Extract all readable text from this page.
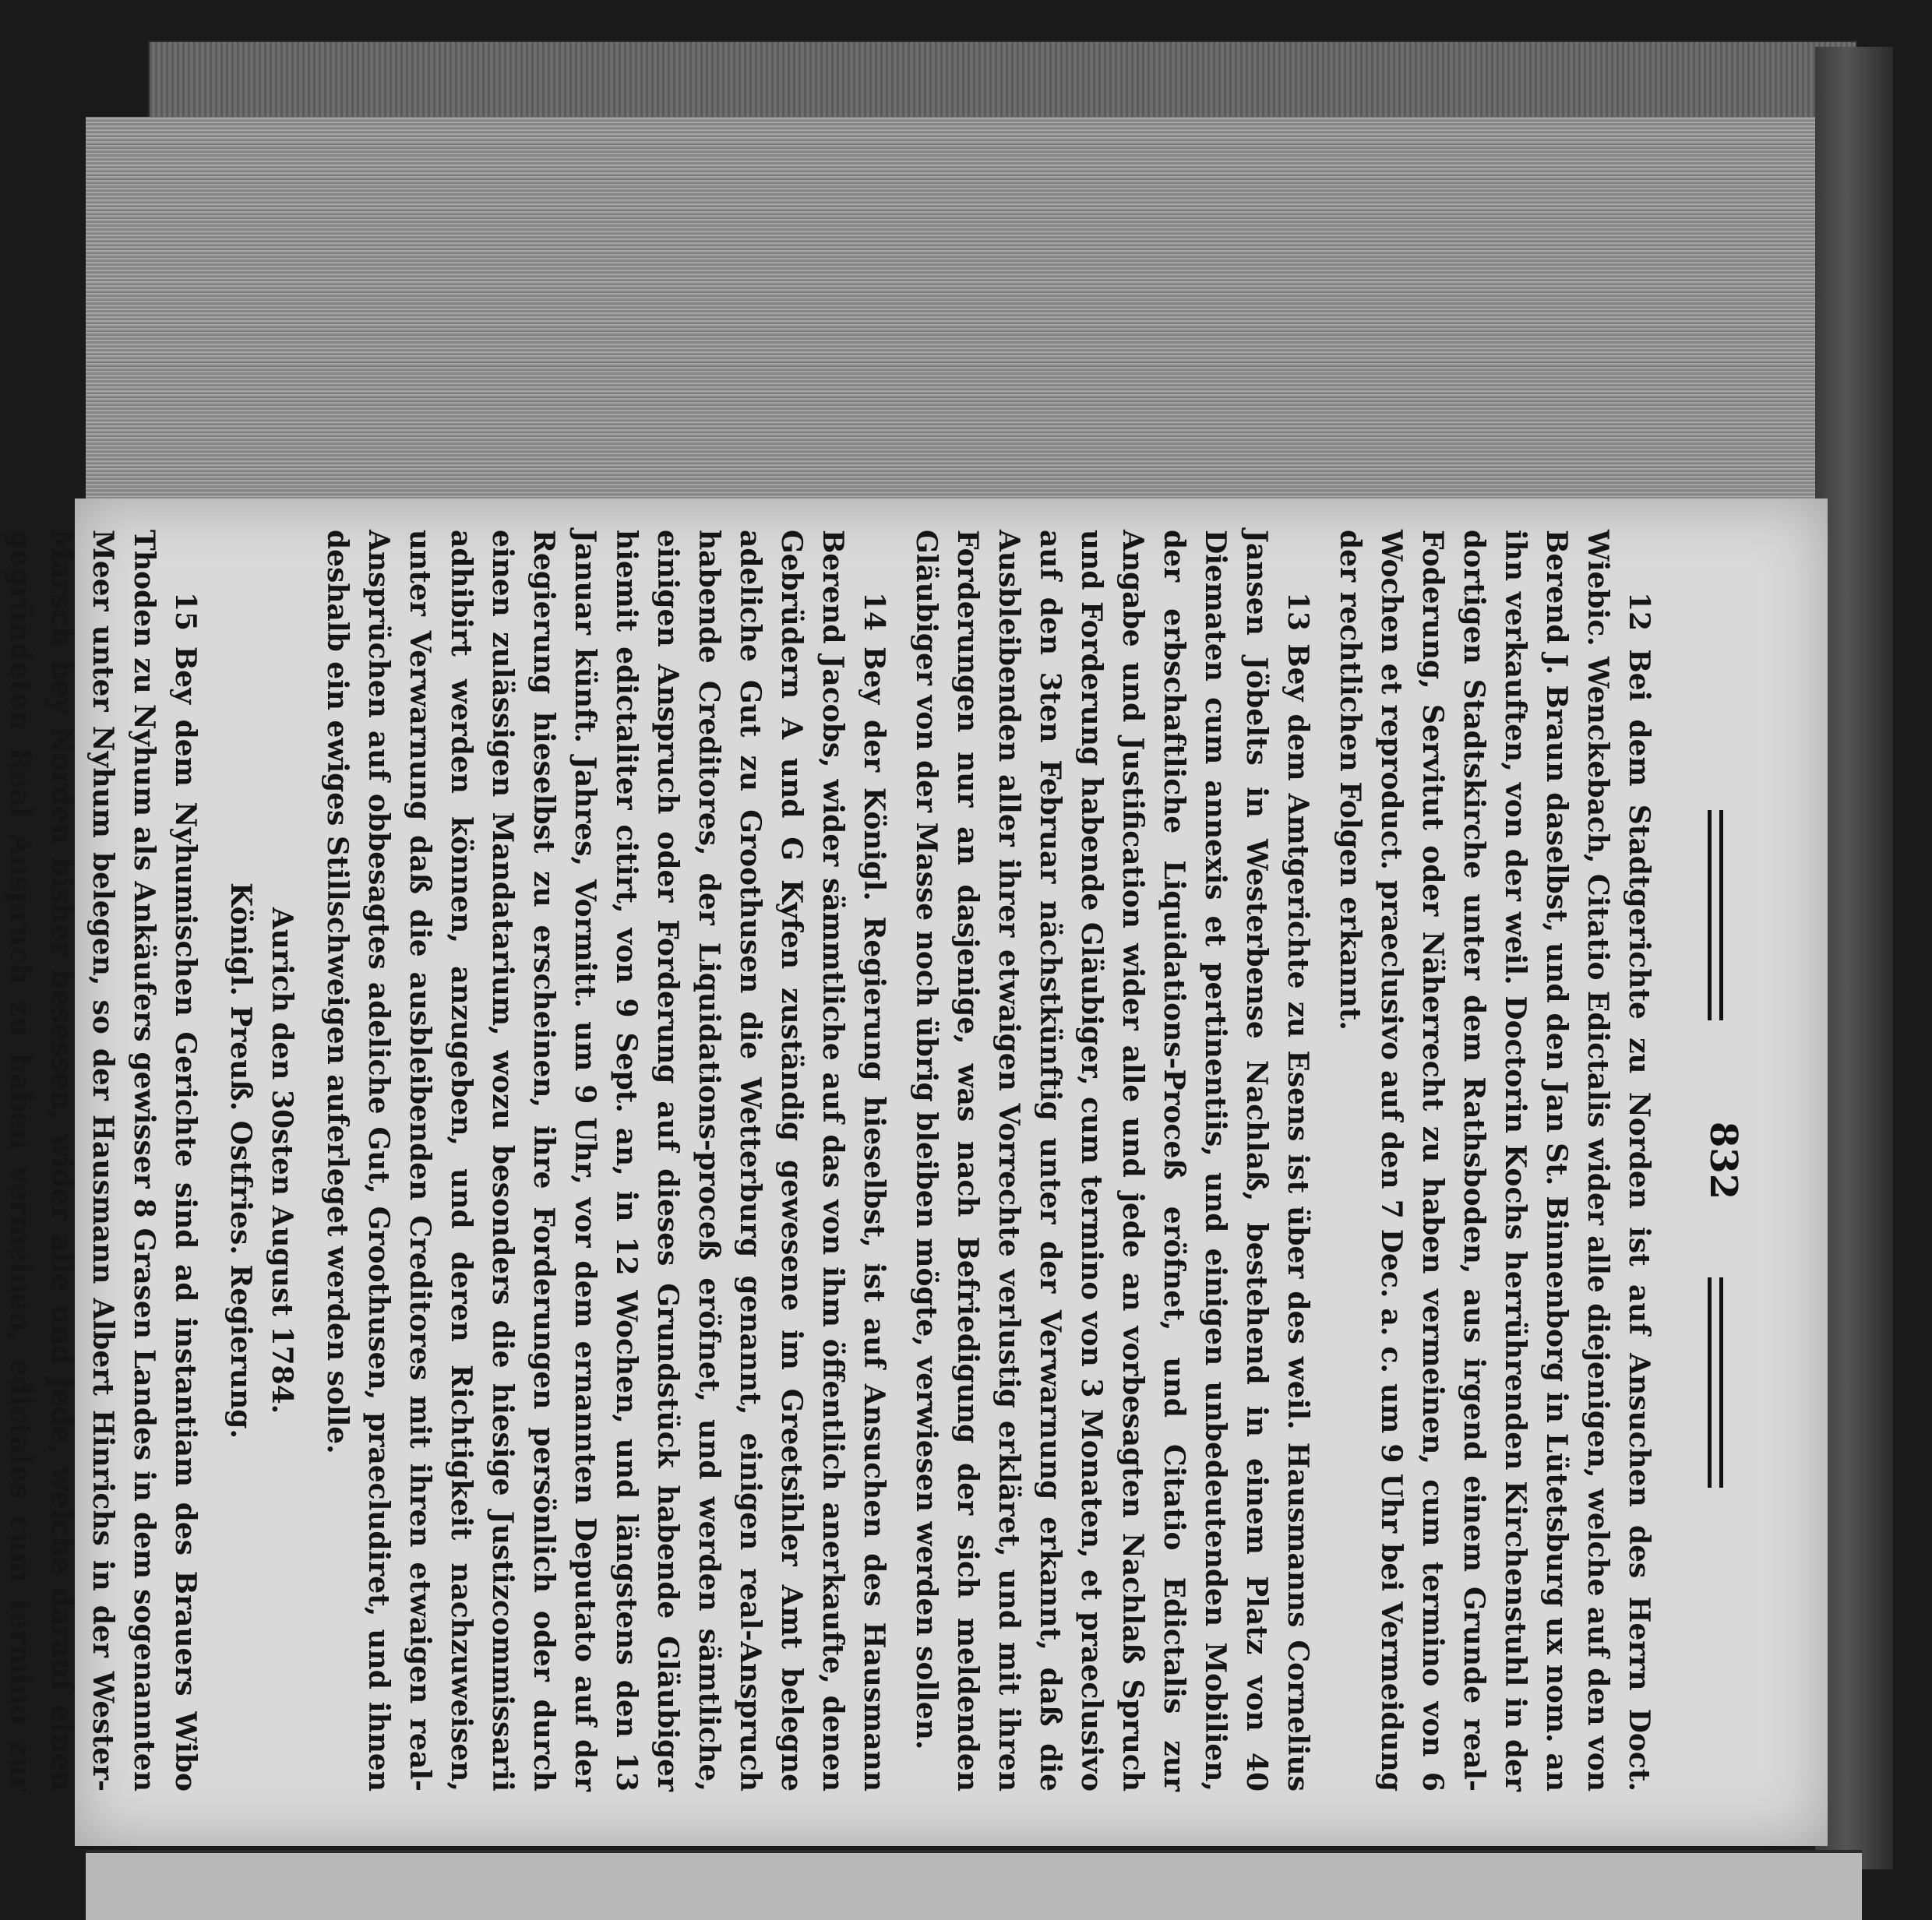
832

12 Bei dem Stadtgerichte zu Norden ist auf Ansuchen des Herrn Doct. Wiebic. Wenckebach, Citatio Edictalis wider alle diejenigen, welche auf den von Berend J. Braun daselbst, und den Jan St. Binnenborg in Lütetsburg ux nom. an ihn verkauften, von der weil. Doctorin Kochs herrührenden Kirchenstuhl in der dortigen Stadtskirche unter dem Rathsboden, aus irgend einem Grunde real-Foderung, Servitut oder Näherrecht zu haben vermeinen, cum termino von 6 Wochen et reproduct. praeclusivo auf den 7 Dec. a. c. um 9 Uhr bei Vermeidung der rechtlichen Folgen erkannt.

13 Bey dem Amtgerichte zu Esens ist über des weil. Hausmanns Cornelius Jansen Jöbelts in Westerbense Nachlaß, bestehend in einem Platz von 40 Diematen cum annexis et pertinentiis, und einigen unbedeutenden Mobilien, der erbschaftliche Liquidations-Proceß eröfnet, und Citatio Edictalis zur Angabe und Justification wider alle und jede an vorbesagten Nachlaß Spruch und Forderung habende Gläubiger, cum termino von 3 Monaten, et praeclusivo auf den 3ten Februar nächstkünftig unter der Verwarnung erkannt, daß die Ausbleibenden aller ihrer etwaigen Vorrechte verlustig erkläret, und mit ihren Forderungen nur an dasjenige, was nach Befriedigung der sich meldenden Gläubiger von der Masse noch übrig bleiben mögte, verwiesen werden sollen.

14 Bey der Königl. Regierung hieselbst, ist auf Ansuchen des Hausmann Berend Jacobs, wider sämmtliche auf das von ihm öffentlich anerkaufte, denen Gebrüdern A und G Kyfen zuständig gewesene im Greetsihler Amt belegne adeliche Gut zu Groothusen die Wetterburg genannt, einigen real-Anspruch habende Creditores, der Liquidations-proceß eröfnet, und werden sämtliche, einigen Anspruch oder Forderung auf dieses Grundstück habende Gläubiger hiemit edictaliter citirt, von 9 Sept. an, in 12 Wochen, und längstens den 13 Januar künft. Jahres, Vormitt. um 9 Uhr, vor dem ernannten Deputato auf der Regierung hieselbst zu erscheinen, ihre Forderungen persönlich oder durch einen zulässigen Mandatarium, wozu besonders die hiesige Justizcommissarii adhibirt werden können, anzugeben, und deren Richtigkeit nachzuweisen, unter Verwarnung daß die ausbleibenden Creditores mit ihren etwaigen real-Ansprüchen auf obbesagtes adeliche Gut, Groothusen, praecludiret, und ihnen deshalb ein ewiges Stillschweigen auferleget werden solle.

Aurich den 30sten August 1784.

Königl. Preuß. Ostfries. Regierung.

15 Bey dem Nyhumischen Gerichte sind ad instantiam des Brauers Wibo Thoden zu Nyhum als Ankäufers gewisser 8 Grasen Landes in dem sogenannten Meer unter Nyhum belegen, so der Hausmann Albert Hinrichs in der Wester-Marsch bey Norden bisher besessen, wider alle und jede, welche darauf einen gegründeten Real Anspruch zu haben vermeinen, edictales cum termino zur
